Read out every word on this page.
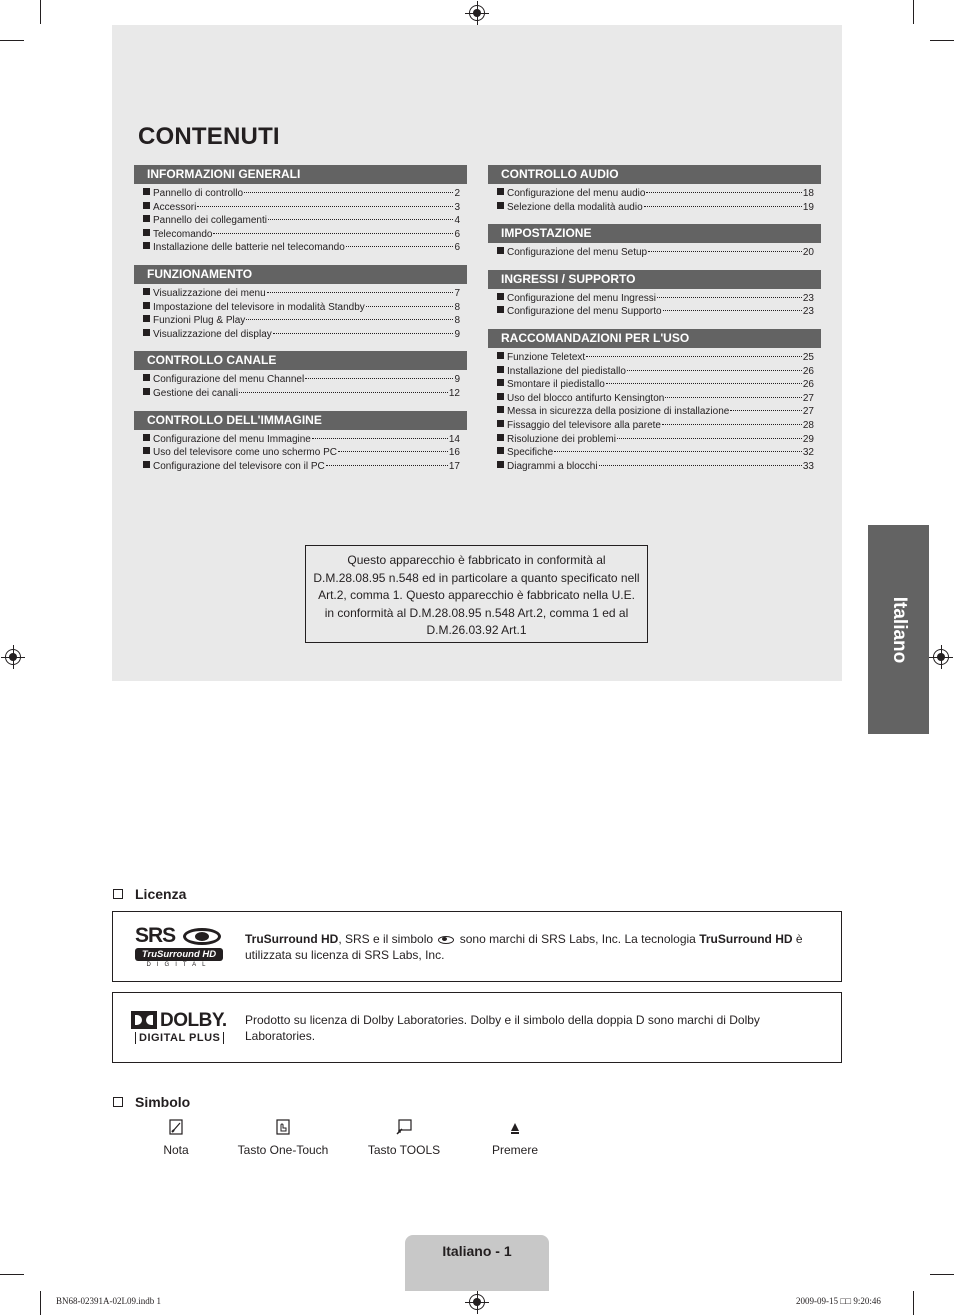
CONTENUTI
INFORMAZIONI GENERALI
Pannello di controllo	2
Accessori	3
Pannello dei collegamenti	4
Telecomando	6
Installazione delle batterie nel telecomando	6
FUNZIONAMENTO
Visualizzazione dei menu	7
Impostazione del televisore in modalità Standby	8
Funzioni Plug & Play	8
Visualizzazione del display	9
CONTROLLO CANALE
Configurazione del menu Channel	9
Gestione dei canali	12
CONTROLLO DELL'IMMAGINE
Configurazione del menu Immagine	14
Uso del televisore come uno schermo PC	16
Configurazione del televisore con il PC	17
CONTROLLO AUDIO
Configurazione del menu audio	18
Selezione della modalità audio	19
IMPOSTAZIONE
Configurazione del menu Setup	20
INGRESSI / SUPPORTO
Configurazione del menu Ingressi	23
Configurazione del menu Supporto	23
RACCOMANDAZIONI PER L'USO
Funzione Teletext	25
Installazione del piedistallo	26
Smontare il piedistallo	26
Uso del blocco antifurto Kensington	27
Messa in sicurezza della posizione di installazione	27
Fissaggio del televisore alla parete	28
Risoluzione dei problemi	29
Specifiche	32
Diagrammi a blocchi	33
Questo apparecchio è fabbricato in conformità al
D.M.28.08.95 n.548 ed in particolare a quanto specificato nell
Art.2, comma 1. Questo apparecchio è fabbricato nella U.E.
in conformità al D.M.28.08.95 n.548 Art.2, comma 1 ed al
D.M.26.03.92 Art.1	Italiano
Licenza
SRS
TruSurround HD
DIGITAL
TruSurround HD, SRS e il simbolo sono marchi di SRS Labs, Inc. La tecnologia TruSurround HD è utilizzata su licenza di SRS Labs, Inc.
DOLBY.
DIGITAL PLUS
Prodotto su licenza di Dolby Laboratories. Dolby e il simbolo della doppia D sono marchi di Dolby Laboratories.
Simbolo
Nota	Tasto One-Touch	Tasto TOOLS	Premere
Italiano - 1
BN68-02391A-02L09.indb 1	2009-09-15 □□ 9:20:46
